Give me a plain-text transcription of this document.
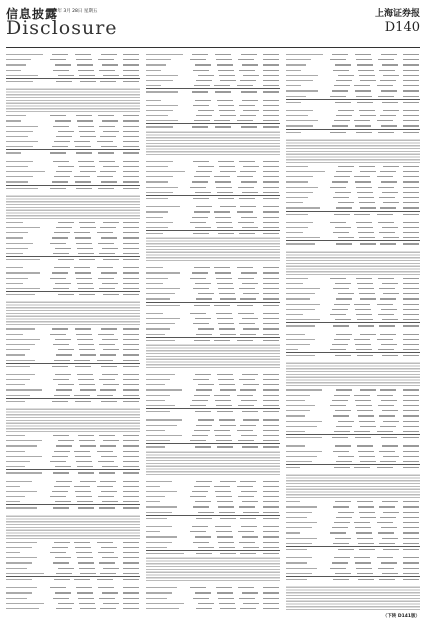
信息披露
2008年 3月 28日 星期五
Disclosure
上海证券报
D140
（下转 D141版）
